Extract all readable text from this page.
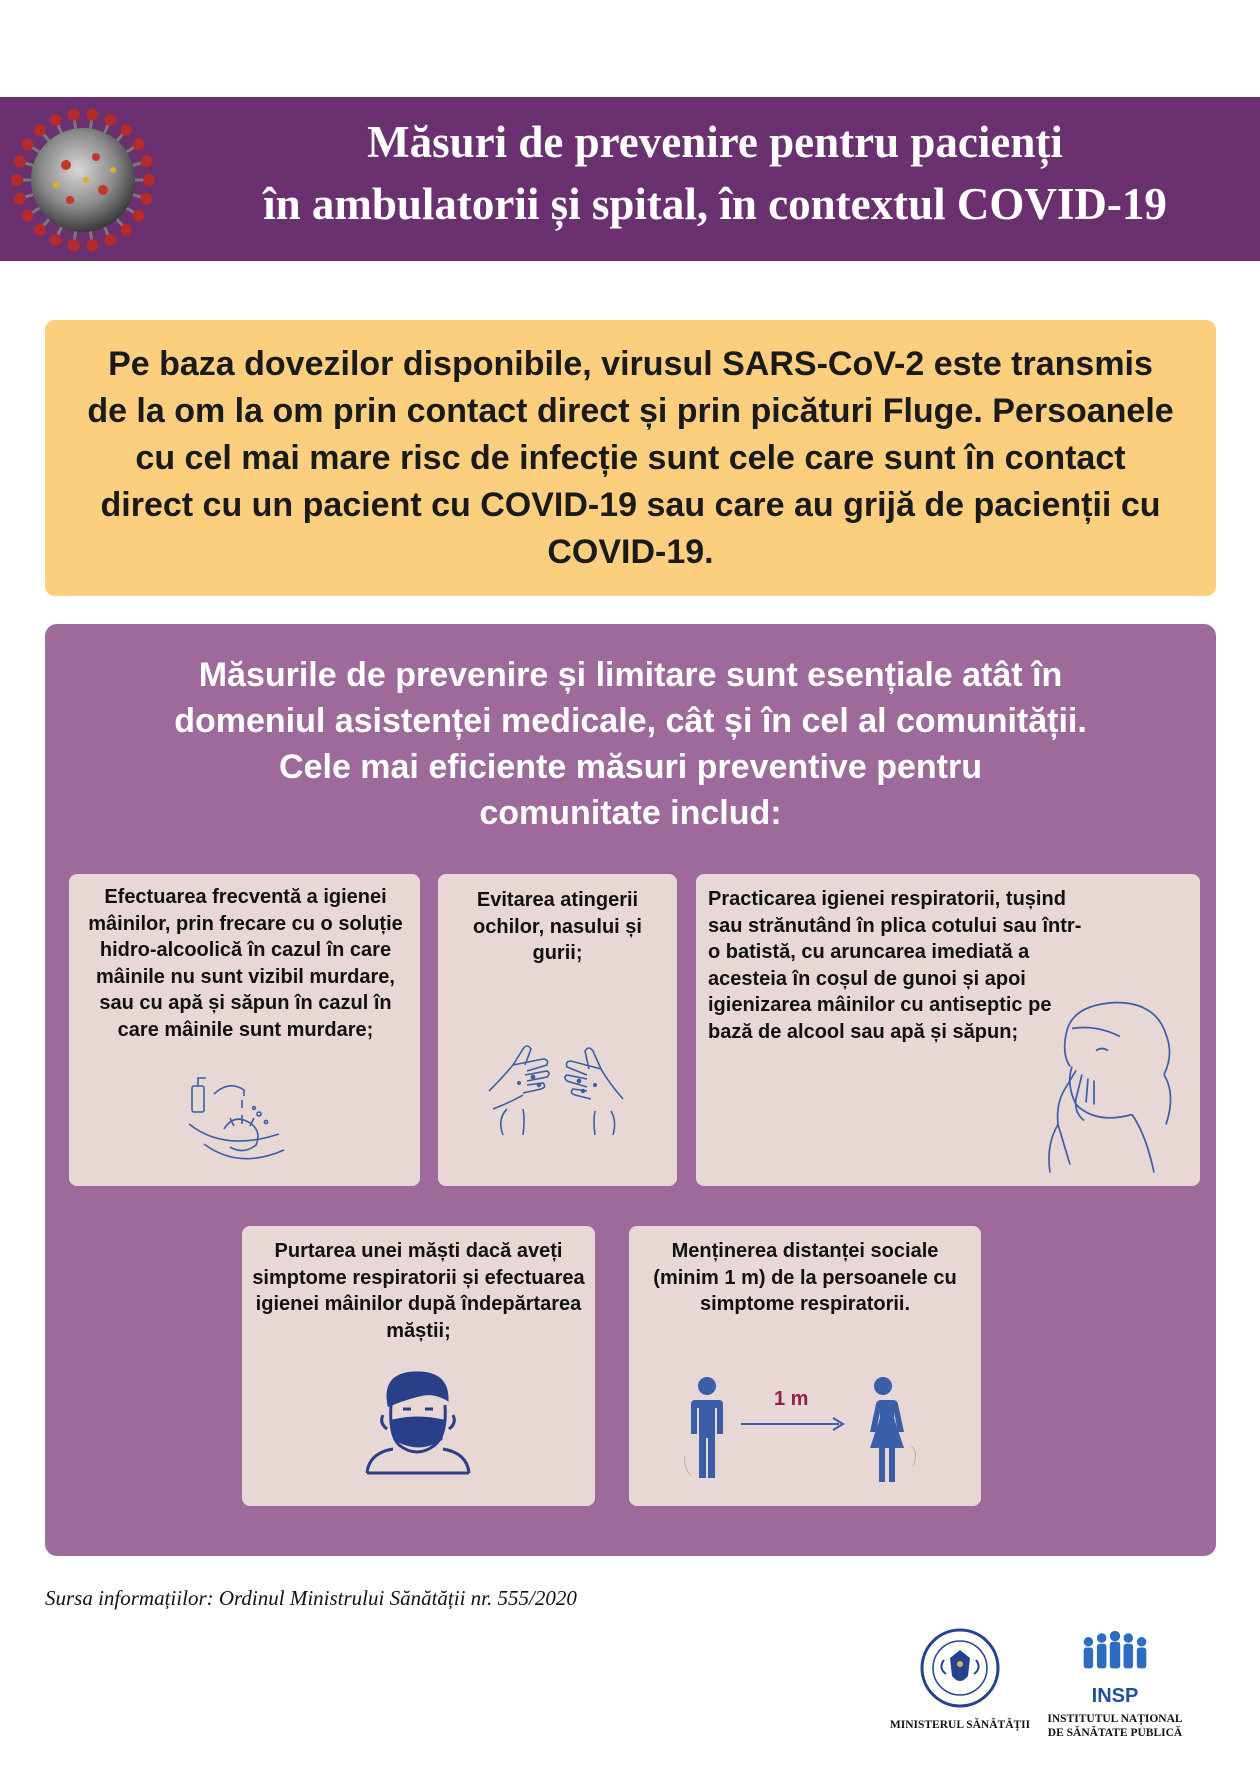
Măsuri de prevenire pentru pacienți
în ambulatorii și spital, în contextul COVID-19

Pe baza dovezilor disponibile, virusul SARS-CoV-2 este transmis de la om la om prin contact direct și prin picături Fluge. Persoanele cu cel mai mare risc de infecție sunt cele care sunt în contact direct cu un pacient cu COVID-19 sau care au grijă de pacienții cu COVID-19.

Măsurile de prevenire și limitare sunt esențiale atât în
domeniul asistenței medicale, cât și în cel al comunității.
Cele mai eficiente măsuri preventive pentru
comunitate includ:
Efectuarea frecventă a igienei mâinilor, prin frecare cu o soluție hidro-alcoolică în cazul în care mâinile nu sunt vizibil murdare, sau cu apă și săpun în cazul în care mâinile sunt murdare;
Evitarea atingerii ochilor, nasului și gurii;
Practicarea igienei respiratorii, tușind sau strănutând în plica cotului sau într-o batistă, cu aruncarea imediată a acesteia în coșul de gunoi și apoi igienizarea mâinilor cu antiseptic pe bază de alcool sau apă și săpun;
Purtarea unei măști dacă aveți simptome respiratorii și efectuarea igienei mâinilor după îndepărtarea măștii;
Menținerea distanței sociale (minim 1 m) de la persoanele cu simptome respiratorii.
1 m
Sursa informațiilor: Ordinul Ministrului Sănătății nr. 555/2020
MINISTERUL SĂNĂTĂȚII
INSP
INSTITUTUL NAȚIONAL
DE SĂNĂTATE PUBLICĂ
